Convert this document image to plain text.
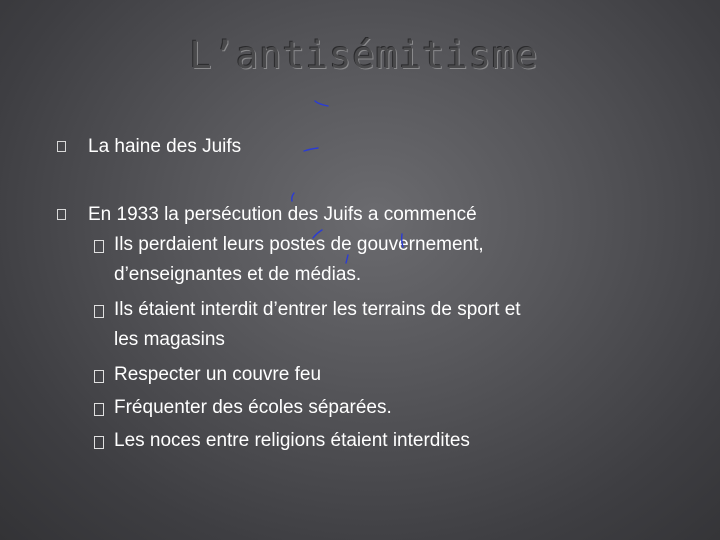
L’antisémitisme
La haine des Juifs
En 1933 la persécution des Juifs a commencé
Ils perdaient leurs postes de gouvernement,
d’enseignantes et de médias.
Ils étaient interdit d’entrer les terrains de sport et
les magasins
Respecter un couvre feu
Fréquenter des écoles séparées.
Les noces entre religions étaient interdites
